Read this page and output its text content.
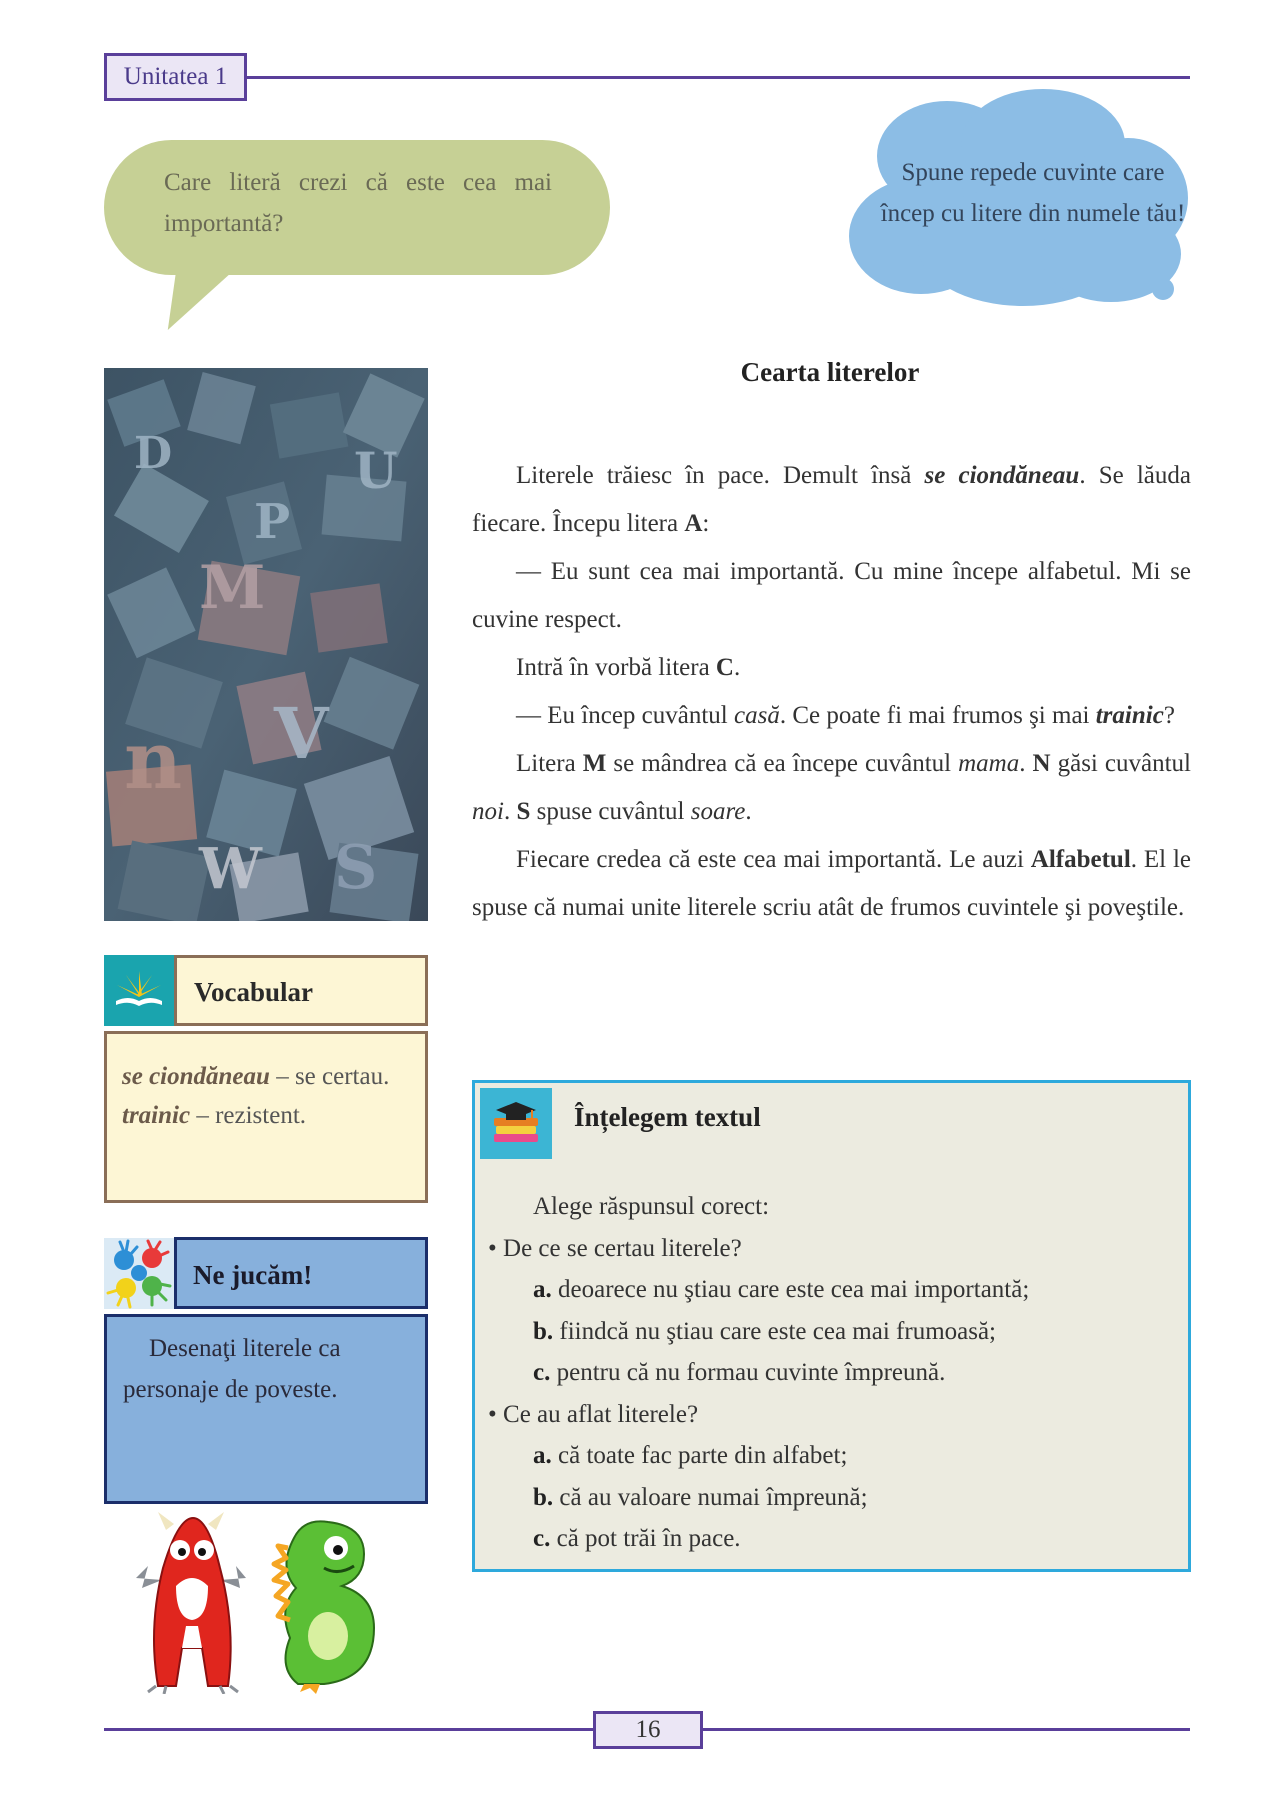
Unitatea 1
Care literă crezi că este cea mai importantă?
Spune repede cuvinte care încep cu litere din numele tău!
P
M
n V
W S
U
D
Vocabular
se ciondăneau – se certau.
trainic – rezistent.
Ne jucăm!
Desenaţi literele ca personaje de poveste.
Cearta literelor

Literele trăiesc în pace. Demult însă se ciondăneau. Se lăuda fiecare. Începu litera A:

— Eu sunt cea mai importantă. Cu mine începe alfabetul. Mi se cuvine respect.

Intră în vorbă litera C.

— Eu încep cuvântul casă. Ce poate fi mai frumos şi mai trainic?

Litera M se mândrea că ea începe cuvântul mama. N găsi cuvântul noi. S spuse cuvântul soare.

Fiecare credea că este cea mai importantă. Le auzi Alfabetul. El le spuse că numai unite literele scriu atât de frumos cuvintele şi poveştile.

Înțelegem textul
Alege răspunsul corect:
• De ce se certau literele?
a. deoarece nu ştiau care este cea mai importantă;
b. fiindcă nu ştiau care este cea mai frumoasă;
c. pentru că nu formau cuvinte împreună.
• Ce au aflat literele?
a. că toate fac parte din alfabet;
b. că au valoare numai împreună;
c. că pot trăi în pace.
16
